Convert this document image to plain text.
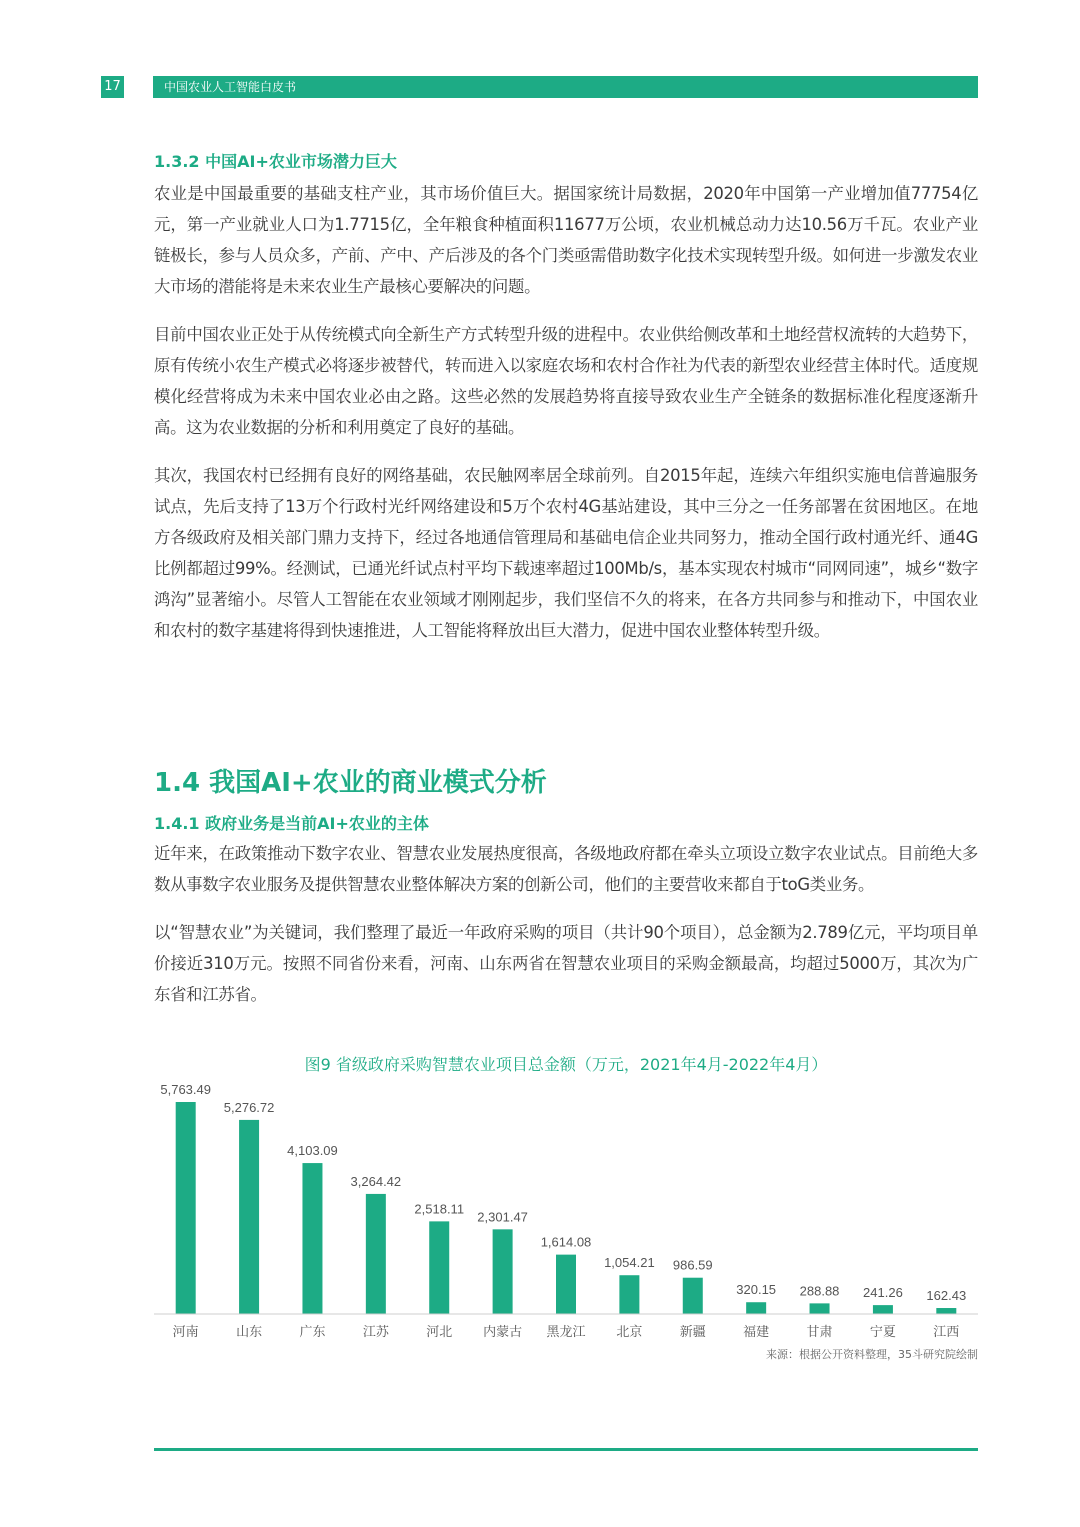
17	中国农业人工智能白皮书
1.3.2 中国AI+农业市场潜力巨大

农业是中国最重要的基础支柱产业，其市场价值巨大。据国家统计局数据，2020年中国第一产业增加值77754亿元，第一产业就业人口为1.7715亿，全年粮食种植面积11677万公顷，农业机械总动力达10.56万千瓦。农业产业链极长，参与人员众多，产前、产中、产后涉及的各个门类亟需借助数字化技术实现转型升级。如何进一步激发农业大市场的潜能将是未来农业生产最核心要解决的问题。

目前中国农业正处于从传统模式向全新生产方式转型升级的进程中。农业供给侧改革和土地经营权流转的大趋势下，原有传统小农生产模式必将逐步被替代，转而进入以家庭农场和农村合作社为代表的新型农业经营主体时代。适度规模化经营将成为未来中国农业必由之路。这些必然的发展趋势将直接导致农业生产全链条的数据标准化程度逐渐升高。这为农业数据的分析和利用奠定了良好的基础。

其次，我国农村已经拥有良好的网络基础，农民触网率居全球前列。自2015年起，连续六年组织实施电信普遍服务试点，先后支持了13万个行政村光纤网络建设和5万个农村4G基站建设，其中三分之一任务部署在贫困地区。在地方各级政府及相关部门鼎力支持下，经过各地通信管理局和基础电信企业共同努力，推动全国行政村通光纤、通4G比例都超过99%。经测试，已通光纤试点村平均下载速率超过100Mb/s，基本实现农村城市“同网同速”，城乡“数字鸿沟”显著缩小。尽管人工智能在农业领域才刚刚起步，我们坚信不久的将来，在各方共同参与和推动下，中国农业和农村的数字基建将得到快速推进，人工智能将释放出巨大潜力，促进中国农业整体转型升级。

1.4 我国AI+农业的商业模式分析
1.4.1 政府业务是当前AI+农业的主体

近年来，在政策推动下数字农业、智慧农业发展热度很高，各级地政府都在牵头立项设立数字农业试点。目前绝大多数从事数字农业服务及提供智慧农业整体解决方案的创新公司，他们的主要营收来都自于toG类业务。

以“智慧农业”为关键词，我们整理了最近一年政府采购的项目（共计90个项目），总金额为2.789亿元，平均项目单价接近310万元。按照不同省份来看，河南、山东两省在智慧农业项目的采购金额最高，均超过5000万，其次为广东省和江苏省。

图9 省级政府采购智慧农业项目总金额（万元，2021年4月-2022年4月）
5,763.49
河南
5,276.72
山东
4,103.09
广东
3,264.42
江苏
2,518.11
河北
2,301.47
内蒙古
1,614.08
黑龙江
1,054.21
北京
986.59
新疆
320.15
福建
288.88
甘肃
241.26
宁夏
162.43
江西
来源：根据公开资料整理，35斗研究院绘制
